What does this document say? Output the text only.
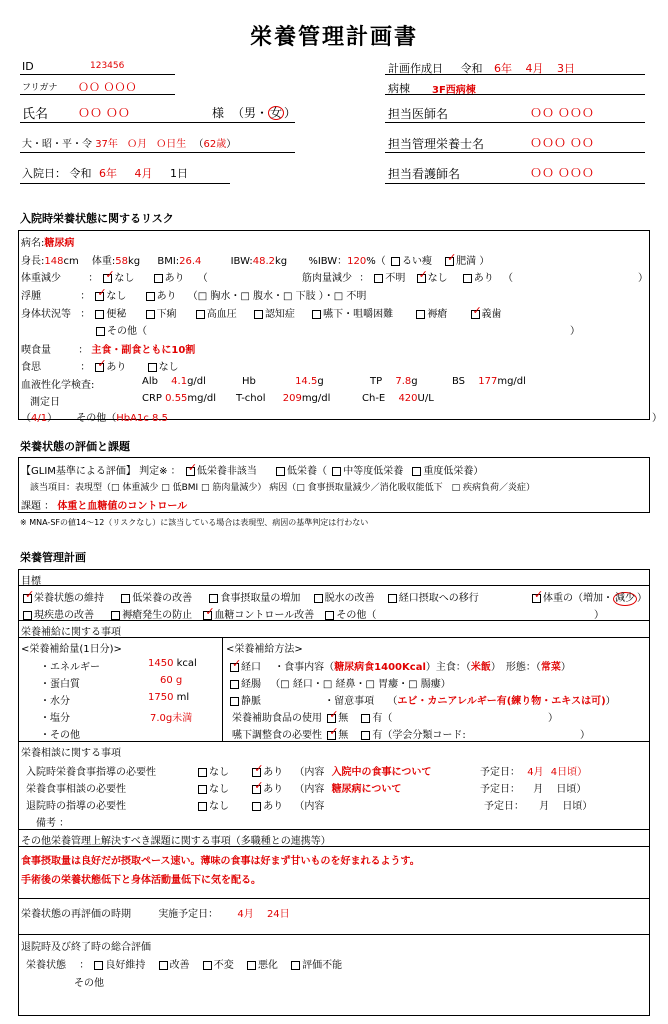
栄養管理計画書
ID	123456
フリガナ ＯＯ ＯＯＯ
氏名 ＯＯ ＯＯ	様 （男・ 女 ）
大・昭・平・令 37年 Ｏ月 Ｏ日生 （62歳）
入院日： 令和 6年 4月 1日
計画作成日 令和 6年 4月 3日
病棟 3F西病棟
担当医師名	ＯＯ ＯＯＯ
担当管理栄養士名	ＯＯＯ ＯＯ
担当看護師名	ＯＯ ＯＯＯ
入院時栄養状態に関するリスク
病名:糖尿病
身長:148cm 体重:58kg BMI:26.4	IBW:48.2kg %IBW：120%（ るい痩 ✓ 肥満 ）
体重減少	： ✓ なし	あり （	筋肉量減少 ： 不明 ✓ なし	あり （	）
浮腫	： ✓ なし	あり （□ 胸水・□ 腹水・□ 下肢 ）・□ 不明
身体状況等 ： 便秘	下痢	高血圧	認知症	嚥下・咀嚼困難	褥瘡 ✓ 義歯
その他（	）
喫食量	： 主食・副食ともに10割
食思	： ✓ あり	なし
血液性化学検査:	Alb 4.1g/dl	Hb	14.5g	TP 7.8g	BS 177mg/dl
測定日	CRP 0.55mg/dl T-chol 209mg/dl	Ch-E 420U/L
（4/1） その他（HbA1c 8.5	）
栄養状態の評価と課題
【GLIM基準による評価】 判定※ ： ✓ 低栄養非該当	低栄養（ 中等度低栄養 重度低栄養）
該当項目：表現型（□ 体重減少 □ 低BMI □ 筋肉量減少） 病因（□ 食事摂取量減少／消化吸収能低下　□ 疾病負荷／炎症）
課題 ： 体重と血糖値のコントロール
※ MNA-SFの値14〜12（リスクなし）に該当している場合は表現型、病因の基準判定は行わない
栄養管理計画
目標
✓ 栄養状態の維持	低栄養の改善	食事摂取量の増加 脱水の改善 経口摂取への移行	✓ 体重の（増加・ 減少 ）
現疾患の改善	褥瘡発生の防止 ✓ 血糖コントロール改善 その他（	）
栄養補給に関する事項
<栄養補給量(1日分)>
・エネルギー	1450 kcal
・蛋白質	60 g
・水分	1750 ml
・塩分	7.0g未満
・その他
<栄養補給方法>
✓ 経口 ・食事内容（糖尿病食1400Kcal）主食：（米飯）　形態：（常菜）
経腸 （□ 経口・□ 経鼻・□ 胃瘻・□ 腸瘻）
静脈	・留意事項 （エビ・カニアレルギー有(練り物・エキスは可)）
栄養補助食品の使用 ✓ 無 有（	）
嚥下調整食の必要性 ✓ 無 有（学会分類コード:	）
栄養相談に関する事項
入院時栄養食事指導の必要性	なし ✓ あり （内容 入院中の食事について	予定日： 4月 4日頃）
栄養食事相談の必要性	なし ✓ あり （内容 糖尿病について	予定日： 月 日頃）
退院時の指導の必要性	なし	あり （内容	予定日： 月 日頃）
備考 ：
その他栄養管理上解決すべき課題に関する事項（多職種との連携等）
食事摂取量は良好だが摂取ペース速い。薄味の食事は好まず甘いものを好まれるようす。
手術後の栄養状態低下と身体活動量低下に気を配る。
栄養状態の再評価の時期	実施予定日： 4月 24日
退院時及び終了時の総合評価
栄養状態 ： 良好維持 改善 不変 悪化 評価不能
その他
